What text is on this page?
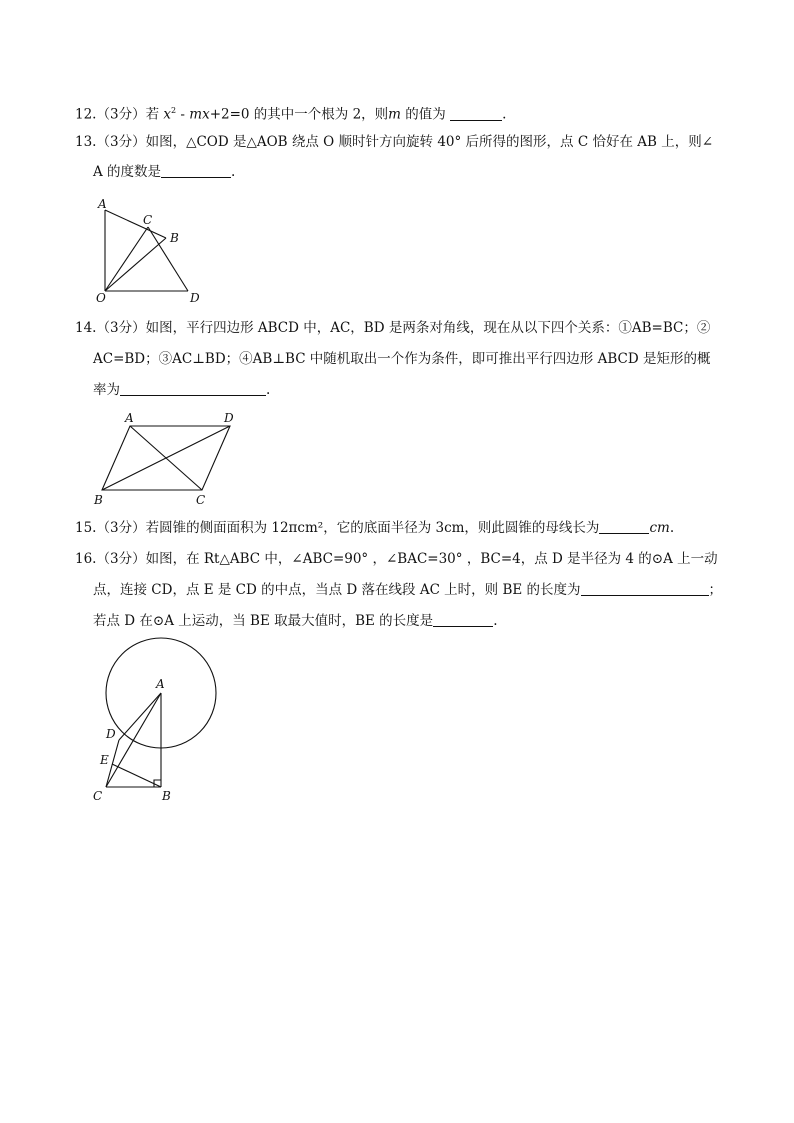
12.（3分）若 $x^2 - mx+2=0$ 的其中一个根为 2，则m 的值为	.
13.（3分）如图，△COD 是△AOB 绕点 O 顺时针方向旋转 40° 后所得的图形，点 C 恰好在 AB 上，则∠
A 的度数是	.
A
C
B
O	D
14.（3分）如图，平行四边形 ABCD 中，AC，BD 是两条对角线，现在从以下四个关系：①AB=BC；②
AC=BD；③AC⊥BD；④AB⊥BC 中随机取出一个作为条件，即可推出平行四边形 ABCD 是矩形的概
率为	.
A	D
B	C
15.（3分）若圆锥的侧面面积为 12πcm²，它的底面半径为 3cm，则此圆锥的母线长为	cm.
16.（3分）如图，在 Rt△ABC 中，∠ABC=90° ，∠BAC=30° ，BC=4，点 D 是半径为 4 的⊙A 上一动
点，连接 CD，点 E 是 CD 的中点，当点 D 落在线段 AC 上时，则 BE 的长度为	；
若点 D 在⊙A 上运动，当 BE 取最大值时，BE 的长度是	.
A
D
E
C	B
